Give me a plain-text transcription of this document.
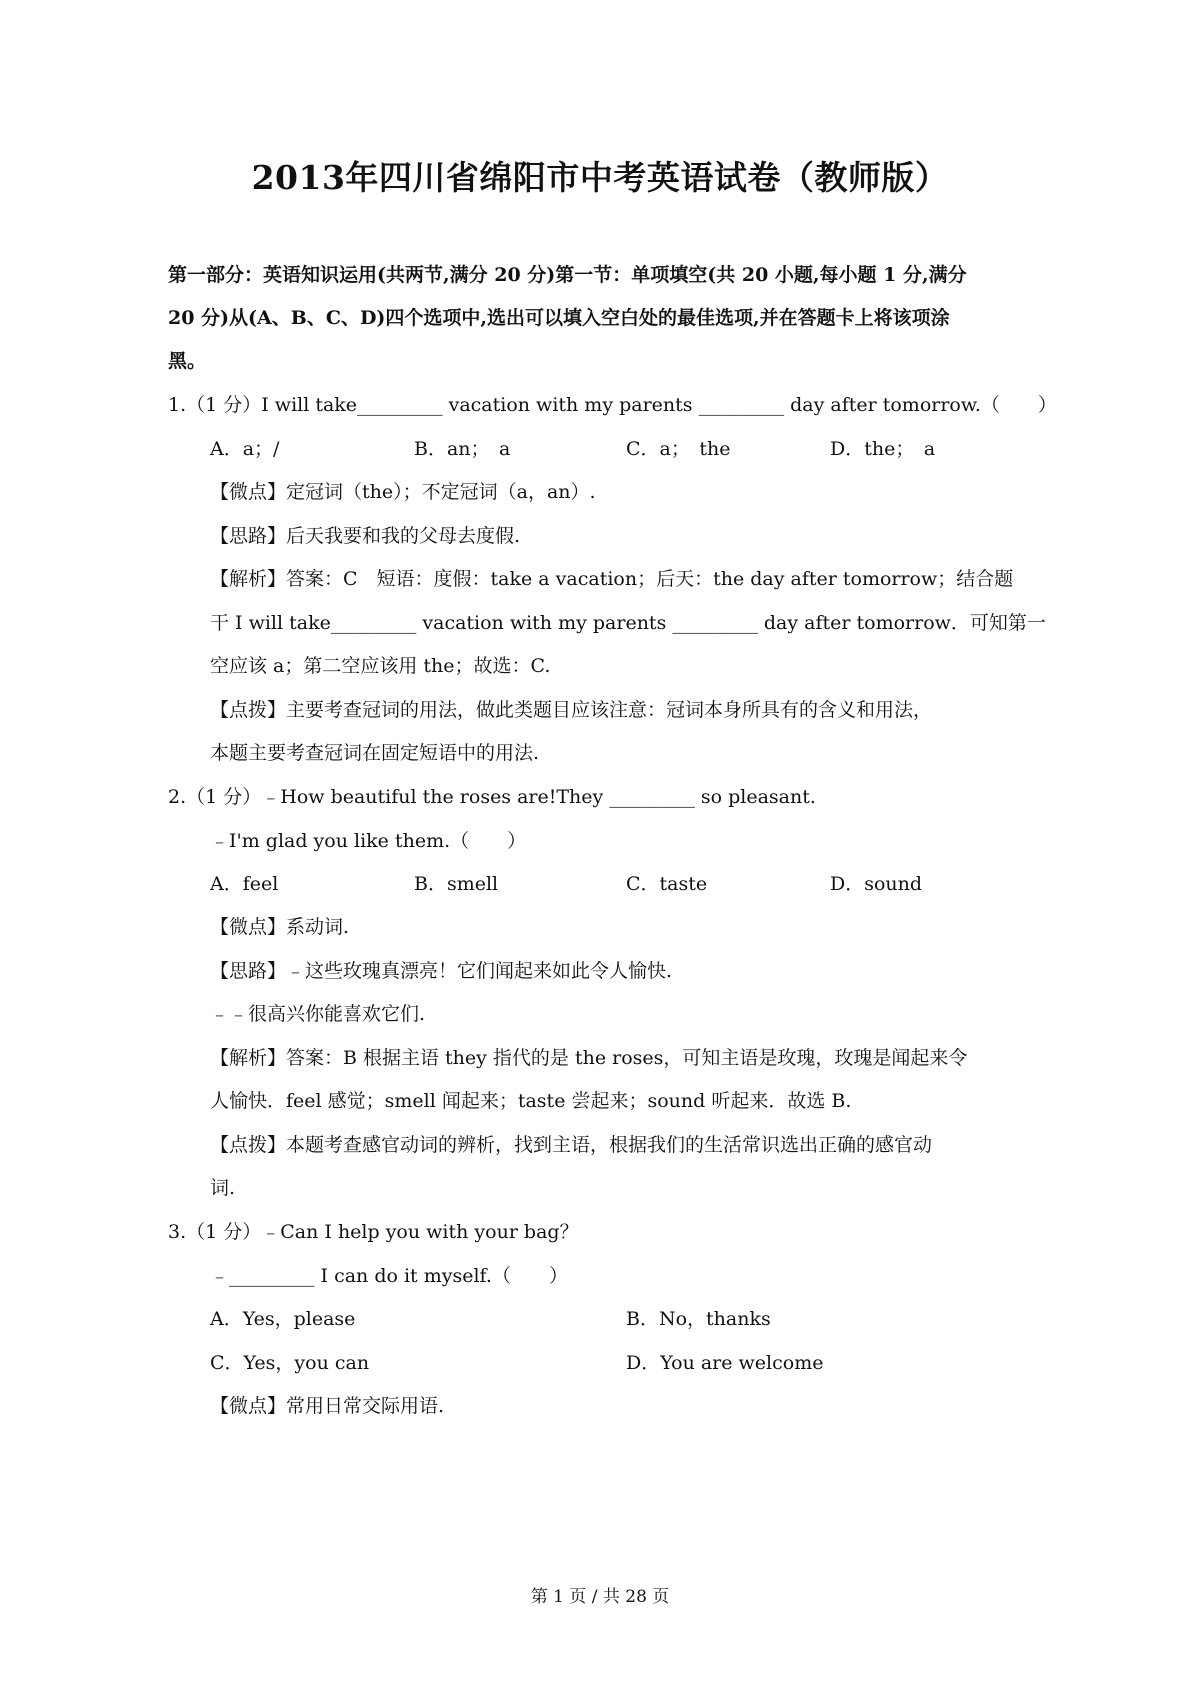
2013年四川省绵阳市中考英语试卷（教师版）
第一部分：英语知识运用(共两节,满分 20 分)第一节：单项填空(共 20 小题,每小题 1 分,满分
20 分)从(A、B、C、D)四个选项中,选出可以填入空白处的最佳选项,并在答题卡上将该项涂
黑。
1.（1 分）I will take_________ vacation with my parents _________ day after tomorrow.（　　）
A．a；/	B．an；　a	C．a；　the	D．the；　a
【微点】定冠词（the）；不定冠词（a，an）.
【思路】后天我要和我的父母去度假.
【解析】答案：C　短语：度假：take a vacation；后天：the day after tomorrow；结合题
干 I will take_________ vacation with my parents _________ day after tomorrow．可知第一
空应该 a；第二空应该用 the；故选：C.
【点拨】主要考查冠词的用法，做此类题目应该注意：冠词本身所具有的含义和用法，
本题主要考查冠词在固定短语中的用法.
2.（1 分）﹣How beautiful the roses are!They _________ so pleasant.
﹣I'm glad you like them.（　　）
A．feel	B．smell	C．taste	D．sound
【微点】系动词.
【思路】﹣这些玫瑰真漂亮！它们闻起来如此令人愉快.
﹣﹣很高兴你能喜欢它们.
【解析】答案：B 根据主语 they 指代的是 the roses，可知主语是玫瑰，玫瑰是闻起来令
人愉快．feel 感觉；smell 闻起来；taste 尝起来；sound 听起来．故选 B.
【点拨】本题考查感官动词的辨析，找到主语，根据我们的生活常识选出正确的感官动
词.
3.（1 分）﹣Can I help you with your bag？
﹣_________ I can do it myself.（　　）
A．Yes，please	B．No，thanks
C．Yes，you can	D．You are welcome
【微点】常用日常交际用语.
第 1 页 / 共 28 页
